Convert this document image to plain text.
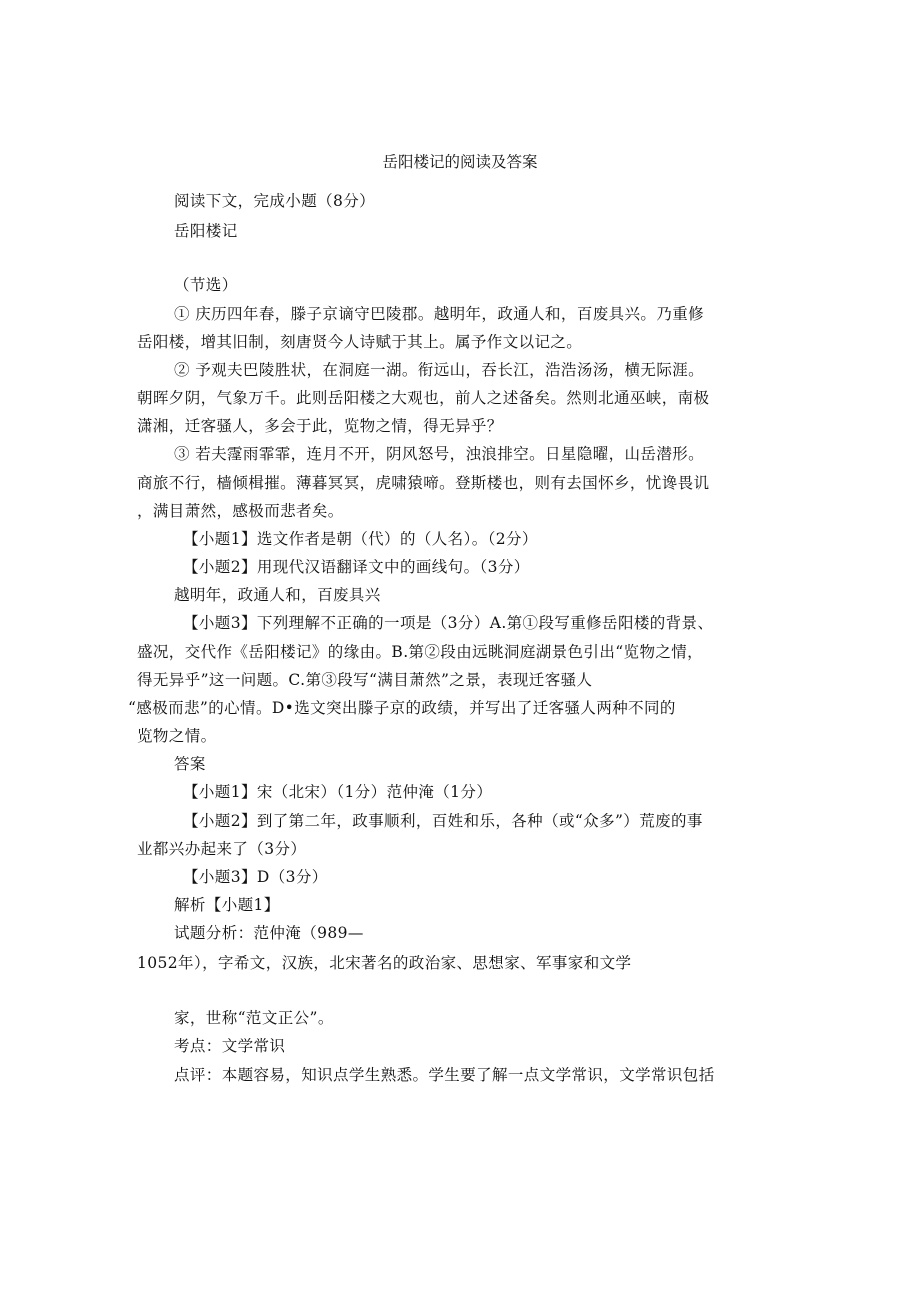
岳阳楼记的阅读及答案
阅读下文，完成小题（8分）
岳阳楼记
（节选）
① 庆历四年春，滕子京谪守巴陵郡。越明年，政通人和，百废具兴。乃重修
岳阳楼，增其旧制，刻唐贤今人诗赋于其上。属予作文以记之。
② 予观夫巴陵胜状，在洞庭一湖。衔远山，吞长江，浩浩汤汤，横无际涯。
朝晖夕阴，气象万千。此则岳阳楼之大观也，前人之述备矣。然则北通巫峡，南极
潇湘，迁客骚人，多会于此，览物之情，得无异乎？
③ 若夫霪雨霏霏，连月不开，阴风怒号，浊浪排空。日星隐曜，山岳潜形。
商旅不行，樯倾楫摧。薄暮冥冥，虎啸猿啼。登斯楼也，则有去国怀乡，忧谗畏讥
，满目萧然，感极而悲者矣。
【小题1】选文作者是朝（代）的（人名）。（2分）
【小题2】用现代汉语翻译文中的画线句。（3分）
越明年，政通人和，百废具兴
【小题3】下列理解不正确的一项是（3分）A.第①段写重修岳阳楼的背景、
盛况，交代作《岳阳楼记》的缘由。B.第②段由远眺洞庭湖景色引出“览物之情，
得无异乎”这一问题。C.第③段写“满目萧然”之景，表现迁客骚人
“感极而悲”的心情。D•选文突出滕子京的政绩，并写出了迁客骚人两种不同的
览物之情。
答案
【小题1】宋（北宋）（1分）范仲淹（1分）
【小题2】到了第二年，政事顺利，百姓和乐，各种（或“众多”）荒废的事
业都兴办起来了（3分）
【小题3】D（3分）
解析【小题1】
试题分析：范仲淹（989—
1052年），字希文，汉族，北宋著名的政治家、思想家、军事家和文学
家，世称“范文正公”。
考点：文学常识
点评：本题容易，知识点学生熟悉。学生要了解一点文学常识，文学常识包括
